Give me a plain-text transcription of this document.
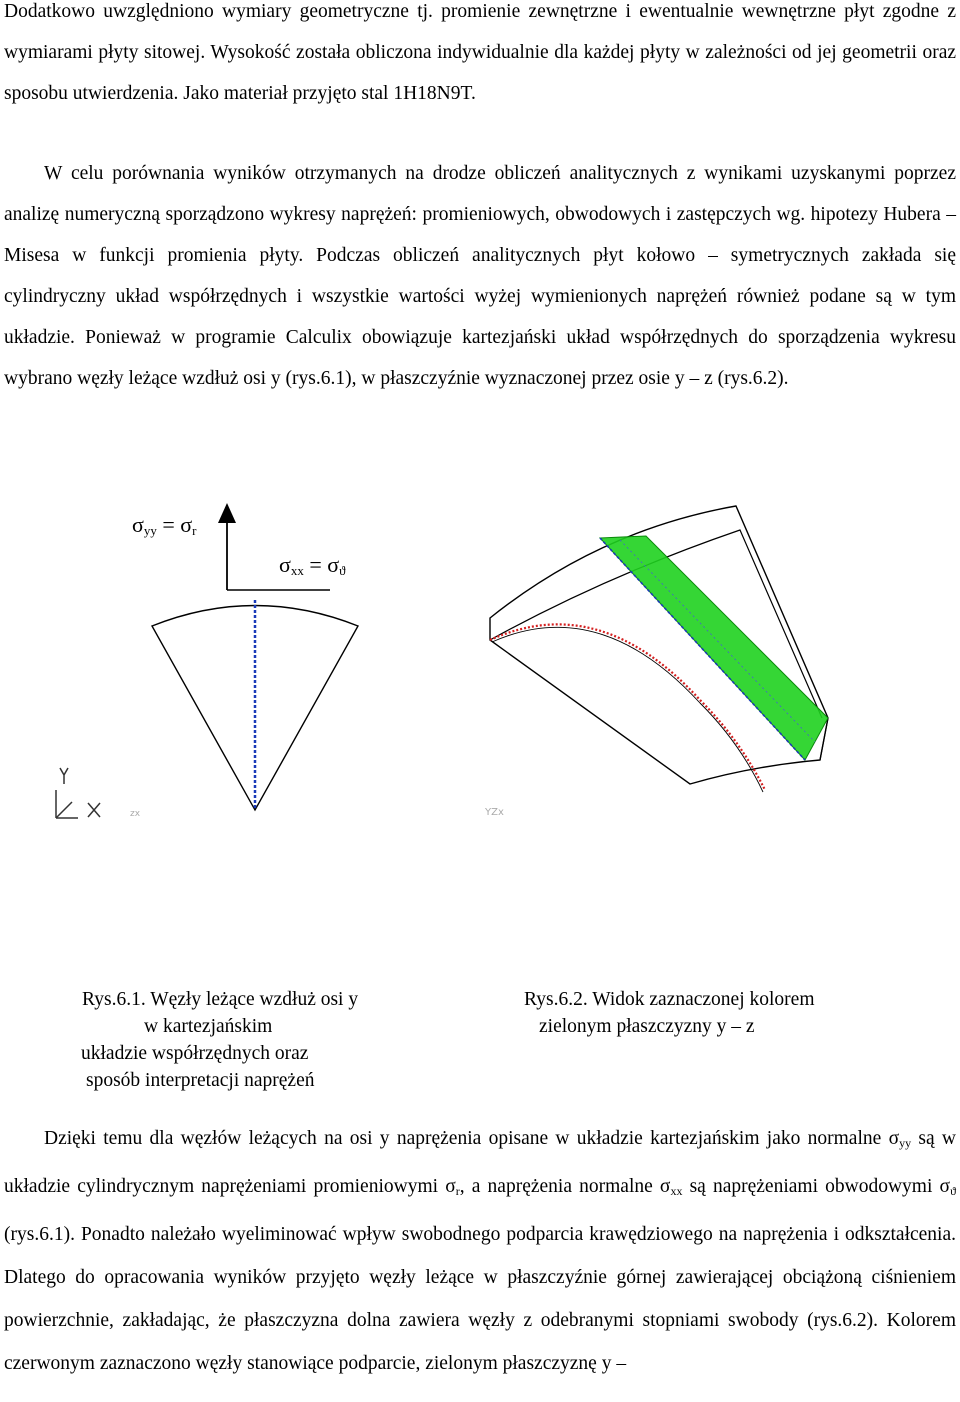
Dodatkowo uwzględniono wymiary geometryczne tj. promienie zewnętrzne i ewentualnie wewnętrzne płyt zgodne z wymiarami płyty sitowej. Wysokość została obliczona indywidualnie dla każdej płyty w zależności od jej geometrii oraz sposobu utwierdzenia. Jako materiał przyjęto stal 1H18N9T.

W celu porównania wyników otrzymanych na drodze obliczeń analitycznych z wynikami uzyskanymi poprzez analizę numeryczną sporządzono wykresy naprężeń: promieniowych, obwodowych i zastępczych wg. hipotezy Hubera – Misesa w funkcji promienia płyty. Podczas obliczeń analitycznych płyt kołowo – symetrycznych zakłada się cylindryczny układ współrzędnych i wszystkie wartości wyżej wymienionych naprężeń również podane są w tym układzie. Ponieważ w programie Calculix obowiązuje kartezjański układ współrzędnych do sporządzenia wykresu wybrano węzły leżące wzdłuż osi y (rys.6.1), w płaszczyźnie wyznaczonej przez osie y – z (rys.6.2).

zx	YZx
$\sigma_{yy} = \sigma_r$
$\sigma_{xx} = \sigma_ϑ$
Rys.6.1. Węzły leżące wzdłuż osi y
w kartezjańskim
układzie współrzędnych oraz
sposób interpretacji naprężeń
Rys.6.2. Widok zaznaczonej kolorem
zielonym płaszczyzny y – z

Dzięki temu dla węzłów leżących na osi y naprężenia opisane w układzie kartezjańskim jako normalne $\sigma_{yy}$ są w układzie cylindrycznym naprężeniami promieniowymi $\sigma_r$, a naprężenia normalne $\sigma_{xx}$ są naprężeniami obwodowymi $\sigma_ϑ$ (rys.6.1). Ponadto należało wyeliminować wpływ swobodnego podparcia krawędziowego na naprężenia i odkształcenia. Dlatego do opracowania wyników przyjęto węzły leżące w płaszczyźnie górnej zawierającej obciążoną ciśnieniem powierzchnie, zakładając, że płaszczyzna dolna zawiera węzły z odebranymi stopniami swobody (rys.6.2). Kolorem czerwonym zaznaczono węzły stanowiące podparcie, zielonym płaszczyznę y –
